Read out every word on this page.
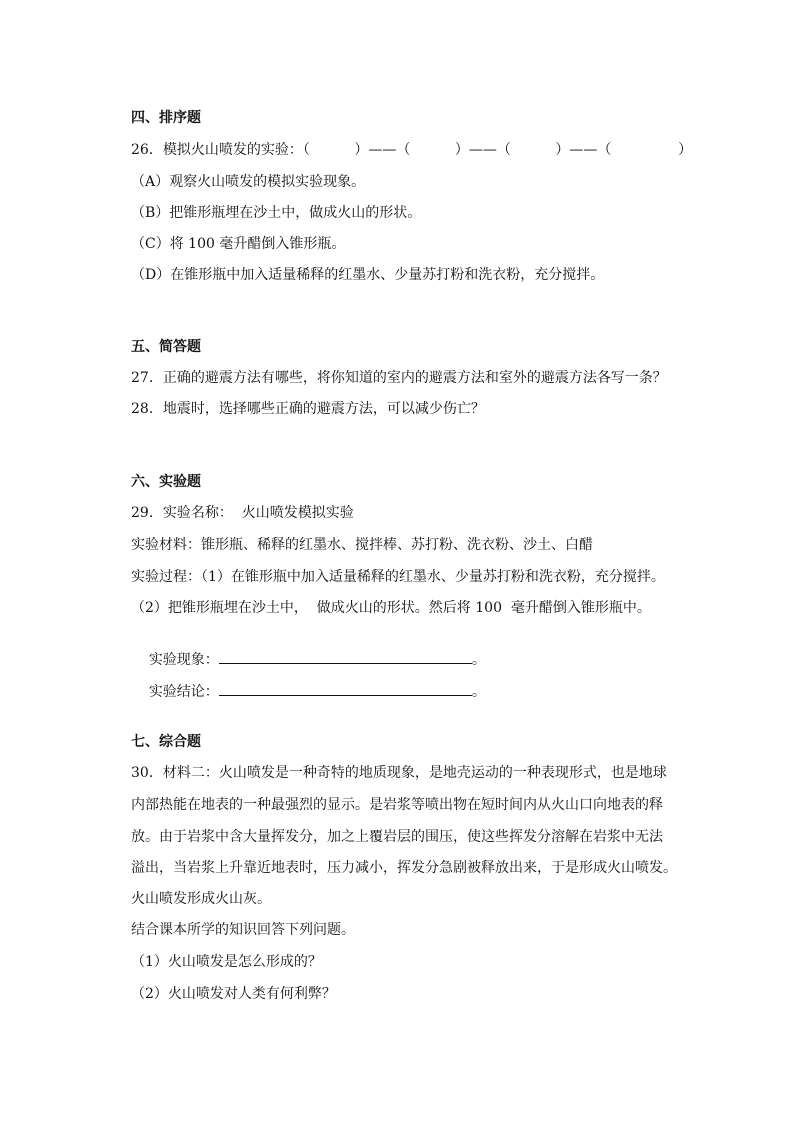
四、排序题
26．模拟火山喷发的实验：（          ）——（          ）——（          ）——（               ）
（A）观察火山喷发的模拟实验现象。
（B）把锥形瓶埋在沙土中，做成火山的形状。
（C）将 100 毫升醋倒入锥形瓶。
（D）在锥形瓶中加入适量稀释的红墨水、少量苏打粉和洗衣粉，充分搅拌。
五、简答题
27．正确的避震方法有哪些，将你知道的室内的避震方法和室外的避震方法各写一条？
28．地震时，选择哪些正确的避震方法，可以减少伤亡？
六、实验题
29．实验名称：  火山喷发模拟实验
实验材料：锥形瓶、稀释的红墨水、搅拌棒、苏打粉、洗衣粉、沙土、白醋
实验过程：（1）在锥形瓶中加入适量稀释的红墨水、少量苏打粉和洗衣粉，充分搅拌。
（2）把锥形瓶埋在沙土中，  做成火山的形状。然后将 100  毫升醋倒入锥形瓶中。

实验现象：	。

实验结论：	。

七、综合题
30．材料二：火山喷发是一种奇特的地质现象，是地壳运动的一种表现形式，也是地球
内部热能在地表的一种最强烈的显示。是岩浆等喷出物在短时间内从火山口向地表的释
放。由于岩浆中含大量挥发分，加之上覆岩层的围压，使这些挥发分溶解在岩浆中无法
溢出，当岩浆上升靠近地表时，压力减小，挥发分急剧被释放出来，于是形成火山喷发。
火山喷发形成火山灰。
结合课本所学的知识回答下列问题。
（1）火山喷发是怎么形成的？
（2）火山喷发对人类有何利弊？
